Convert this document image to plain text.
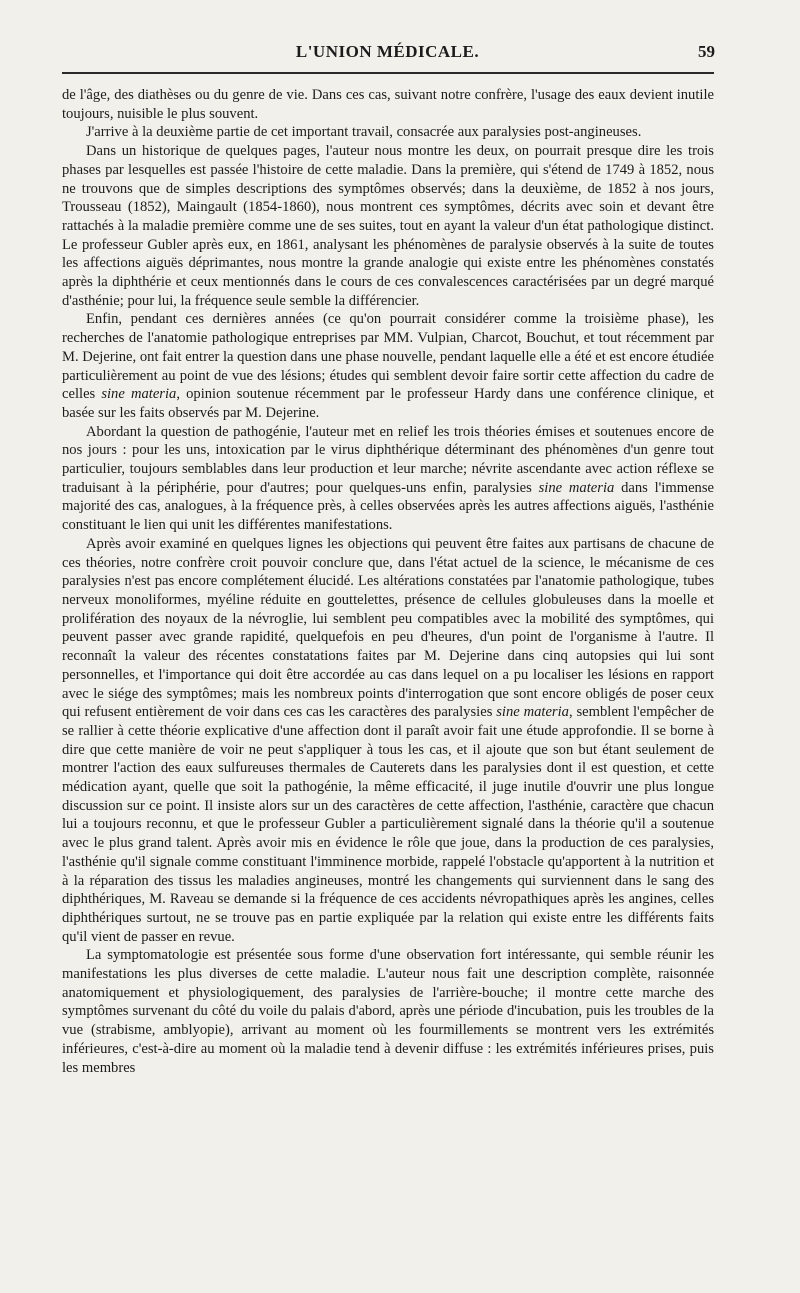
L'UNION MÉDICALE.	59

de l'âge, des diathèses ou du genre de vie. Dans ces cas, suivant notre confrère, l'usage des eaux devient inutile toujours, nuisible le plus souvent.

J'arrive à la deuxième partie de cet important travail, consacrée aux paralysies post-angineuses.

Dans un historique de quelques pages, l'auteur nous montre les deux, on pourrait presque dire les trois phases par lesquelles est passée l'histoire de cette maladie. Dans la première, qui s'étend de 1749 à 1852, nous ne trouvons que de simples descriptions des symptômes observés; dans la deuxième, de 1852 à nos jours, Trousseau (1852), Maingault (1854-1860), nous montrent ces symptômes, décrits avec soin et devant être rattachés à la maladie première comme une de ses suites, tout en ayant la valeur d'un état pathologique distinct. Le professeur Gubler après eux, en 1861, analysant les phénomènes de paralysie observés à la suite de toutes les affections aiguës déprimantes, nous montre la grande analogie qui existe entre les phénomènes constatés après la diphthérie et ceux mentionnés dans le cours de ces convalescences caractérisées par un degré marqué d'asthénie; pour lui, la fréquence seule semble la différencier.

Enfin, pendant ces dernières années (ce qu'on pourrait considérer comme la troisième phase), les recherches de l'anatomie pathologique entreprises par MM. Vulpian, Charcot, Bouchut, et tout récemment par M. Dejerine, ont fait entrer la question dans une phase nouvelle, pendant laquelle elle a été et est encore étudiée particulièrement au point de vue des lésions; études qui semblent devoir faire sortir cette affection du cadre de celles sine materia, opinion soutenue récemment par le professeur Hardy dans une conférence clinique, et basée sur les faits observés par M. Dejerine.

Abordant la question de pathogénie, l'auteur met en relief les trois théories émises et soutenues encore de nos jours : pour les uns, intoxication par le virus diphthérique déterminant des phénomènes d'un genre tout particulier, toujours semblables dans leur production et leur marche; névrite ascendante avec action réflexe se traduisant à la périphérie, pour d'autres; pour quelques-uns enfin, paralysies sine materia dans l'immense majorité des cas, analogues, à la fréquence près, à celles observées après les autres affections aiguës, l'asthénie constituant le lien qui unit les différentes manifestations.

Après avoir examiné en quelques lignes les objections qui peuvent être faites aux partisans de chacune de ces théories, notre confrère croit pouvoir conclure que, dans l'état actuel de la science, le mécanisme de ces paralysies n'est pas encore complétement élucidé. Les altérations constatées par l'anatomie pathologique, tubes nerveux monoliformes, myéline réduite en gouttelettes, présence de cellules globuleuses dans la moelle et prolifération des noyaux de la névroglie, lui semblent peu compatibles avec la mobilité des symptômes, qui peuvent passer avec grande rapidité, quelquefois en peu d'heures, d'un point de l'organisme à l'autre. Il reconnaît la valeur des récentes constatations faites par M. Dejerine dans cinq autopsies qui lui sont personnelles, et l'importance qui doit être accordée au cas dans lequel on a pu localiser les lésions en rapport avec le siége des symptômes; mais les nombreux points d'interrogation que sont encore obligés de poser ceux qui refusent entièrement de voir dans ces cas les caractères des paralysies sine materia, semblent l'empêcher de se rallier à cette théorie explicative d'une affection dont il paraît avoir fait une étude approfondie. Il se borne à dire que cette manière de voir ne peut s'appliquer à tous les cas, et il ajoute que son but étant seulement de montrer l'action des eaux sulfureuses thermales de Cauterets dans les paralysies dont il est question, et cette médication ayant, quelle que soit la pathogénie, la même efficacité, il juge inutile d'ouvrir une plus longue discussion sur ce point. Il insiste alors sur un des caractères de cette affection, l'asthénie, caractère que chacun lui a toujours reconnu, et que le professeur Gubler a particulièrement signalé dans la théorie qu'il a soutenue avec le plus grand talent. Après avoir mis en évidence le rôle que joue, dans la production de ces paralysies, l'asthénie qu'il signale comme constituant l'imminence morbide, rappelé l'obstacle qu'apportent à la nutrition et à la réparation des tissus les maladies angineuses, montré les changements qui surviennent dans le sang des diphthériques, M. Raveau se demande si la fréquence de ces accidents névropathiques après les angines, celles diphthériques surtout, ne se trouve pas en partie expliquée par la relation qui existe entre les différents faits qu'il vient de passer en revue.

La symptomatologie est présentée sous forme d'une observation fort intéressante, qui semble réunir les manifestations les plus diverses de cette maladie. L'auteur nous fait une description complète, raisonnée anatomiquement et physiologiquement, des paralysies de l'arrière-bouche; il montre cette marche des symptômes survenant du côté du voile du palais d'abord, après une période d'incubation, puis les troubles de la vue (strabisme, amblyopie), arrivant au moment où les fourmillements se montrent vers les extrémités inférieures, c'est-à-dire au moment où la maladie tend à devenir diffuse : les extrémités inférieures prises, puis les membres
